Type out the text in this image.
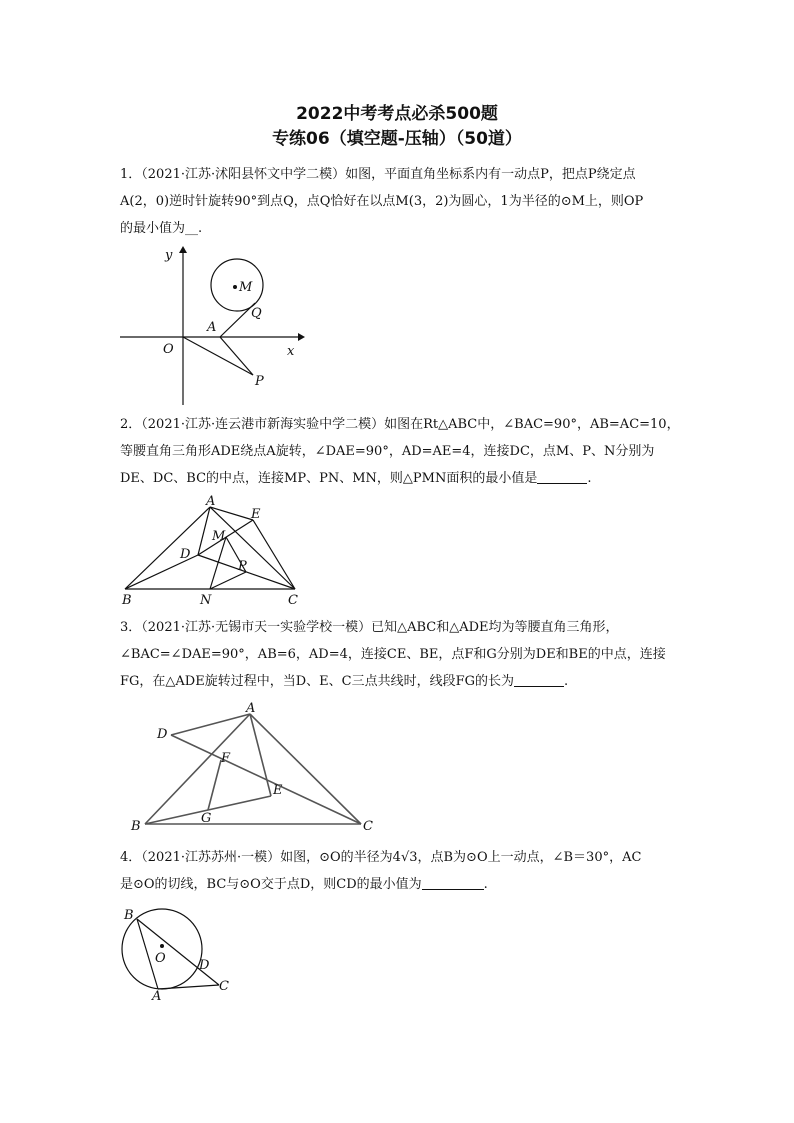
2022中考考点必杀500题
专练06（填空题-压轴）（50道）
1．（2021·江苏·沭阳县怀文中学二模）如图，平面直角坐标系内有一动点P，把点P绕定点
A(2，0)逆时针旋转90°到点Q，点Q恰好在以点M(3，2)为圆心，1为半径的⊙M上，则OP
的最小值为__.
y
x
O
A
M
Q
P
2．（2021·江苏·连云港市新海实验中学二模）如图在Rt△ABC中，∠BAC=90°，AB=AC=10，
等腰直角三角形ADE绕点A旋转，∠DAE=90°，AD=AE=4，连接DC，点M、P、N分别为
DE、DC、BC的中点，连接MP、PN、MN，则△PMN面积的最小值是	.
A
E
D
M
P
B	N	C
3．（2021·江苏·无锡市天一实验学校一模）已知△ABC和△ADE均为等腰直角三角形，
∠BAC=∠DAE=90°，AB=6，AD=4，连接CE、BE，点F和G分别为DE和BE的中点，连接
FG，在△ADE旋转过程中，当D、E、C三点共线时，线段FG的长为	.
A
D
F
E
B
G
C
4．（2021·江苏苏州·一模）如图，⊙O的半径为4√3，点B为⊙O上一动点，∠B＝30°，AC
是⊙O的切线，BC与⊙O交于点D，则CD的最小值为	.
B
O	D
A
C
